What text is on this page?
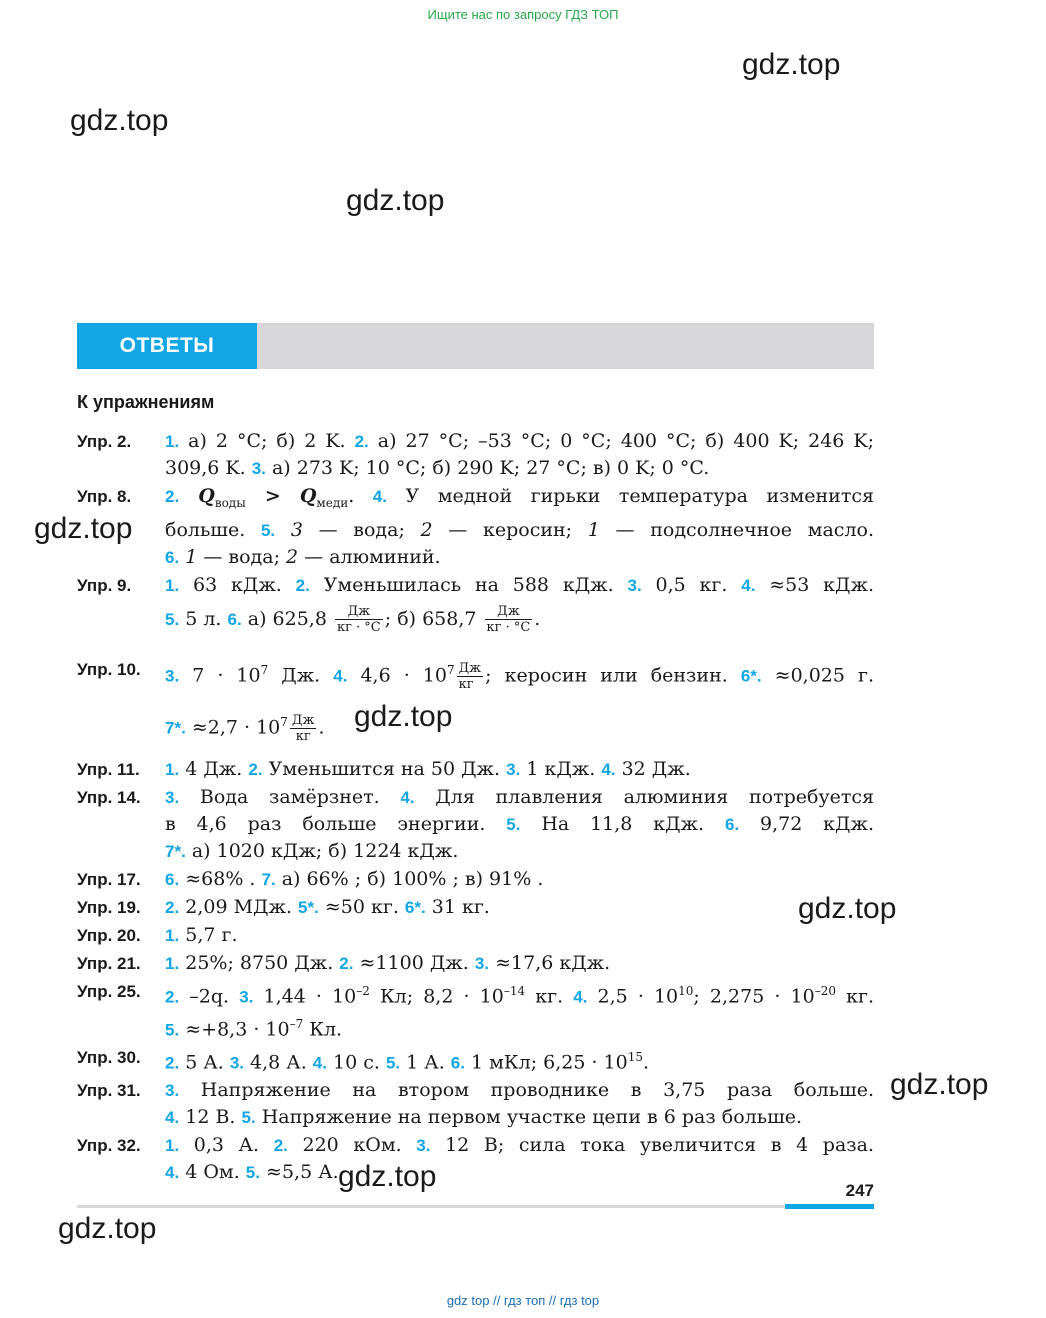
Ищите нас по запросу ГДЗ ТОП
gdz.top
gdz.top
gdz.top
ОТВЕТЫ
К упражнениям
Упр. 2.	1. а) 2 °C; б) 2 K. 2. а) 27 °C; –53 °C; 0 °C; 400 °C; б) 400 K; 246 K;
309,6 K. 3. а) 273 K; 10 °C; б) 290 K; 27 °C; в) 0 K; 0 °C.
Упр. 8.	2. $Q_{воды} > Q_{меди}$. 4. У медной гирьки температура изменится
больше. 5. 3 — вода; 2 — керосин; 1 — подсолнечное масло.
6. 1 — вода; 2 — алюминий.
Упр. 9.	1. 63 кДж. 2. Уменьшилась на 588 кДж. 3. 0,5 кг. 4. ≈53 кДж.
5. 5 л. 6. а) $625,8 \frac{Дж}{кг \cdot ^\circ C}$ ; б) $658,7 \frac{Дж}{кг \cdot ^\circ C}$ .
Упр. 10.	3. $7 \cdot 10^7$ Дж. 4. $4,6 \cdot 10^7 \frac{Дж}{кг}$ ; керосин или бензин. 6*. ≈0,025 г.
7*. $\approx 2,7 \cdot 10^7 \frac{Дж}{кг}$ .
Упр. 11.	1. 4 Дж. 2. Уменьшится на 50 Дж. 3. 1 кДж. 4. 32 Дж.
Упр. 14.	3. Вода замёрзнет. 4. Для плавления алюминия потребуется
в 4,6 раз больше энергии. 5. На 11,8 кДж. 6. 9,72 кДж.
7*. а) 1020 кДж; б) 1224 кДж.
Упр. 17.	6. ≈68% . 7. а) 66% ; б) 100% ; в) 91% .
Упр. 19.	2. 2,09 МДж. 5*. ≈50 кг. 6*. 31 кг.
Упр. 20.	1. 5,7 г.
Упр. 21.	1. 25%; 8750 Дж. 2. ≈1100 Дж. 3. ≈17,6 кДж.
Упр. 25.	2. –2q. 3. $1,44 \cdot 10^{-2}$ Кл; $8,2 \cdot 10^{-14}$ кг. 4. $2,5 \cdot 10^{10}$; $2,275 \cdot 10^{-20}$ кг.
5. $\approx+8,3 \cdot 10^{-7}$ Кл.
Упр. 30.	2. 5 А. 3. 4,8 А. 4. 10 с. 5. 1 А. 6. 1 мКл; $6,25 \cdot 10^{15}$.
Упр. 31.	3. Напряжение на втором проводнике в 3,75 раза больше.
4. 12 В. 5. Напряжение на первом участке цепи в 6 раз больше.
Упр. 32.	1. 0,3 А. 2. 220 кОм. 3. 12 В; сила тока увеличится в 4 раза.
4. 4 Ом. 5. ≈5,5 А.
gdz.top
gdz.top
gdz.top
gdz.top
gdz.top
gdz.top
247
gdz top // гдз топ // гдз top
